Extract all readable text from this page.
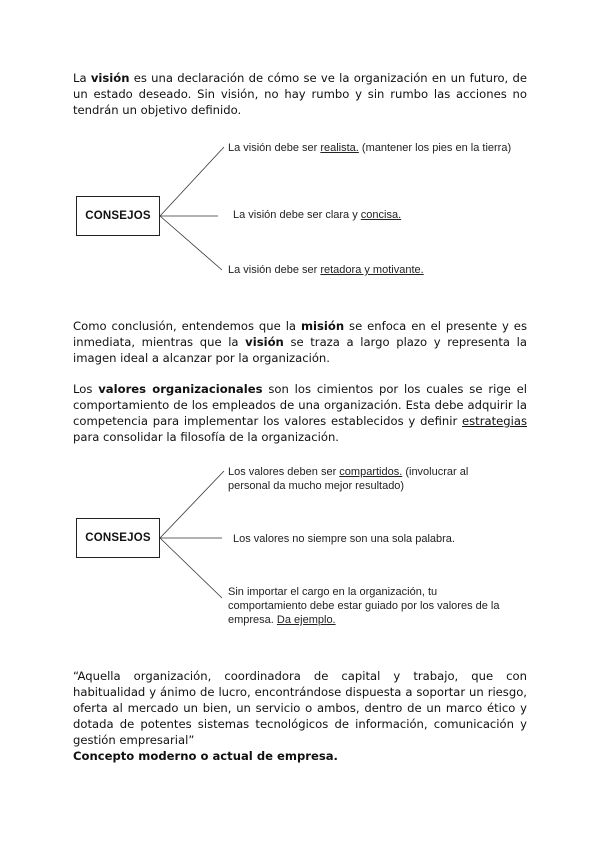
La visión es una declaración de cómo se ve la organización en un futuro, de un estado deseado. Sin visión, no hay rumbo y sin rumbo las acciones no tendrán un objetivo definido.

CONSEJOS
La visión debe ser realista. (mantener los pies en la tierra)
La visión debe ser clara y concisa.
La visión debe ser retadora y motivante.

Como conclusión, entendemos que la misión se enfoca en el presente y es inmediata, mientras que la visión se traza a largo plazo y representa la imagen ideal a alcanzar por la organización.

Los valores organizacionales son los cimientos por los cuales se rige el comportamiento de los empleados de una organización. Esta debe adquirir la competencia para implementar los valores establecidos y definir estrategias para consolidar la filosofía de la organización.

CONSEJOS
Los valores deben ser compartidos. (involucrar al
personal da mucho mejor resultado)
Los valores no siempre son una sola palabra.
Sin importar el cargo en la organización, tu
comportamiento debe estar guiado por los valores de la
empresa. Da ejemplo.

“Aquella organización, coordinadora de capital y trabajo, que con habitualidad y ánimo de lucro, encontrándose dispuesta a soportar un riesgo, oferta al mercado un bien, un servicio o ambos, dentro de un marco ético y dotada de potentes sistemas tecnológicos de información, comunicación y gestión empresarial”
Concepto moderno o actual de empresa.
